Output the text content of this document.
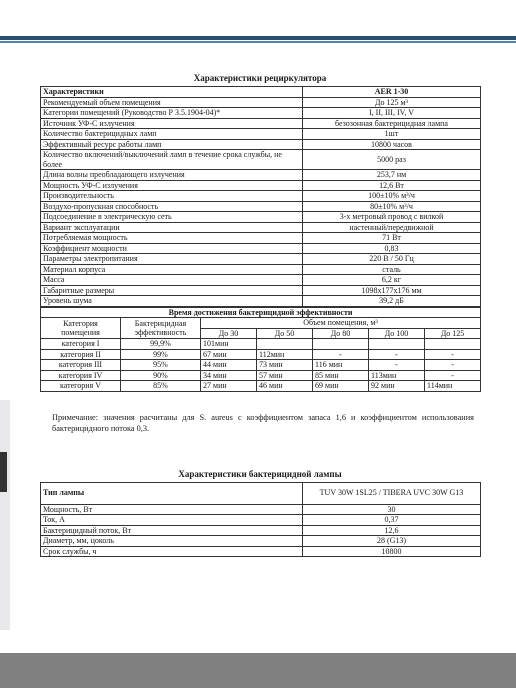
Характеристики рециркулятора
Характеристики	AER 1-30
Рекомендуемый объем помещения	До 125 м³
Категории помещений (Руководство Р 3.5.1904-04)*	I, II, III, IV, V
Источник УФ-С излучения	безозонная бактерицидная лампа
Количество бактерицидных ламп	1шт
Эффективный ресурс работы ламп	10800 часов
Количество включений/выключений ламп в течение срока службы, не более	5000 раз
Длина волны преобладающего излучения	253,7 нм
Мощность УФ-С излучения	12,6 Вт
Производительность	100±10% м³/ч
Воздухо-пропускная способность	80±10% м³/ч
Подсоединение в электрическую сеть	3-х метровый провод с вилкой
Вариант эксплуатации	настенный/передвижной
Потребляемая мощность	71 Вт
Коэффициент мощности	0,83
Параметры электропитания	220 В / 50 Гц
Материал корпуса	сталь
Масса	6,2 кг
Габаритные размеры	1098х177х176 мм
Уровень шума	39,2 дБ
Время достижения бактерицидной эффективности						
Категория помещения	Бактерицидная эффективность	Объем помещения, м³				
		До 30	До 50	До 80	До 100	До 125
категория I	99,9%	101мин				
категория II	99%	67 мин	112мин	-	-	-
категория III	95%	44 мин	73 мин	116 мин	-	-
категория IV	90%	34 мин	57 мин	85 мин	113мин	-
категория V	85%	27 мин	46 мин	69 мин	92 мин	114мин
Примечание: значения расчитаны для S. aureus с коэффициентом запаса 1,6 и коэффициентом использования бактерицидного потока 0,3.
Характеристики бактерицидной лампы
Тип лампы	TUV 30W 1SL25 / TIBERA UVC 30W G13
Мощность, Вт	30
Ток, А	0,37
Бактерицидный поток, Вт	12,6
Диаметр, мм, цоколь	28 (G13)
Срок службы, ч	10800
